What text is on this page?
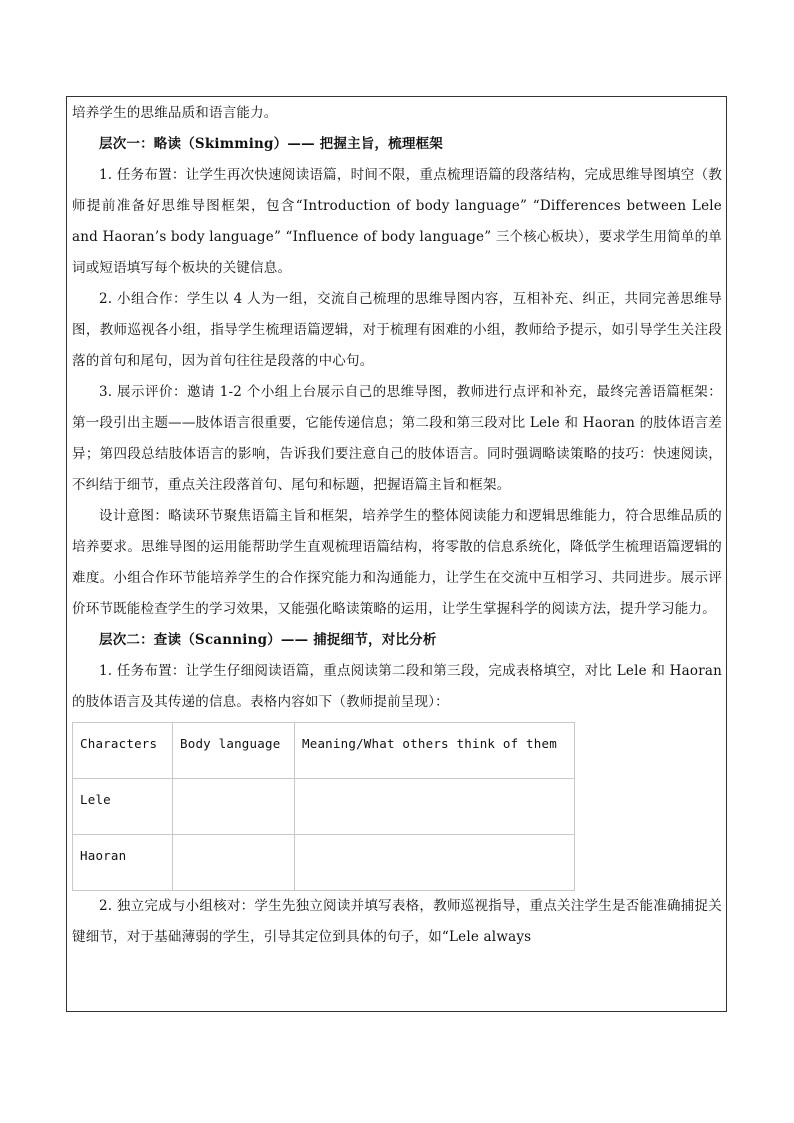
培养学生的思维品质和语言能力。

层次一：略读（Skimming）—— 把握主旨，梳理框架

1. 任务布置：让学生再次快速阅读语篇，时间不限，重点梳理语篇的段落结构，完成思维导图填空（教师提前准备好思维导图框架，包含“Introduction of body language” “Differences between Lele and Haoran’s body language” “Influence of body language” 三个核心板块），要求学生用简单的单词或短语填写每个板块的关键信息。

2. 小组合作：学生以 4 人为一组，交流自己梳理的思维导图内容，互相补充、纠正，共同完善思维导图，教师巡视各小组，指导学生梳理语篇逻辑，对于梳理有困难的小组，教师给予提示，如引导学生关注段落的首句和尾句，因为首句往往是段落的中心句。

3. 展示评价：邀请 1-2 个小组上台展示自己的思维导图，教师进行点评和补充，最终完善语篇框架：第一段引出主题——肢体语言很重要，它能传递信息；第二段和第三段对比 Lele 和 Haoran 的肢体语言差异；第四段总结肢体语言的影响，告诉我们要注意自己的肢体语言。同时强调略读策略的技巧：快速阅读，不纠结于细节，重点关注段落首句、尾句和标题，把握语篇主旨和框架。

设计意图：略读环节聚焦语篇主旨和框架，培养学生的整体阅读能力和逻辑思维能力，符合思维品质的培养要求。思维导图的运用能帮助学生直观梳理语篇结构，将零散的信息系统化，降低学生梳理语篇逻辑的难度。小组合作环节能培养学生的合作探究能力和沟通能力，让学生在交流中互相学习、共同进步。展示评价环节既能检查学生的学习效果，又能强化略读策略的运用，让学生掌握科学的阅读方法，提升学习能力。

层次二：查读（Scanning）—— 捕捉细节，对比分析

1. 任务布置：让学生仔细阅读语篇，重点阅读第二段和第三段，完成表格填空，对比 Lele 和 Haoran 的肢体语言及其传递的信息。表格内容如下（教师提前呈现）：

Characters	Body language	Meaning/What others think of them
Lele		
Haoran		

2. 独立完成与小组核对：学生先独立阅读并填写表格，教师巡视指导，重点关注学生是否能准确捕捉关键细节，对于基础薄弱的学生，引导其定位到具体的句子，如“Lele always
